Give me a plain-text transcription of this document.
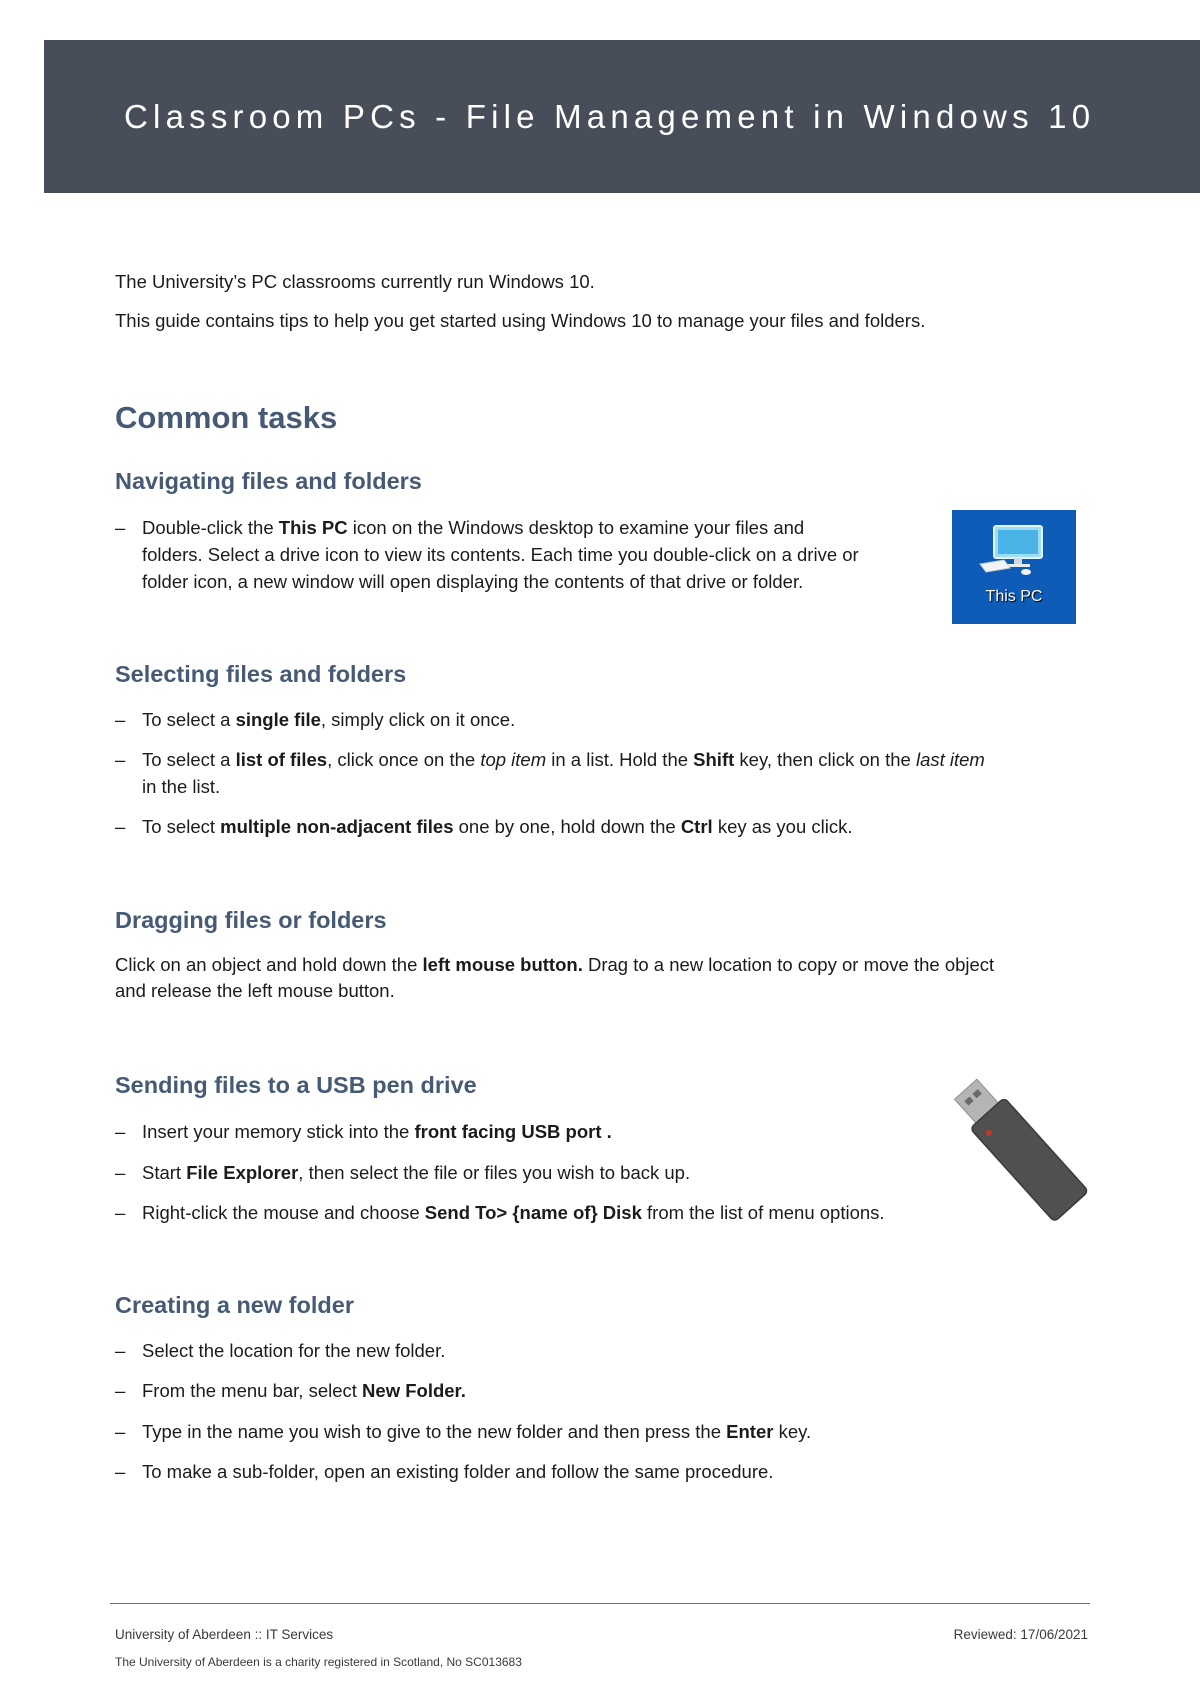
Classroom PCs - File Management in Windows 10

The University’s PC classrooms currently run Windows 10.

This guide contains tips to help you get started using Windows 10 to manage your files and folders.

Common tasks
Navigating files and folders
– Double-click the This PC icon on the Windows desktop to examine your files and
folders. Select a drive icon to view its contents. Each time you double-click on a drive or
folder icon, a new window will open displaying the contents of that drive or folder.
This PC
Selecting files and folders
– To select a single file, simply click on it once.
– To select a list of files, click once on the top item in a list. Hold the Shift key, then click on the last item
in the list.
– To select multiple non-adjacent files one by one, hold down the Ctrl key as you click.
Dragging files or folders
Click on an object and hold down the left mouse button. Drag to a new location to copy or move the object
and release the left mouse button.
Sending files to a USB pen drive
– Insert your memory stick into the front facing USB port .
– Start File Explorer, then select the file or files you wish to back up.
– Right-click the mouse and choose Send To> {name of} Disk from the list of menu options.
Creating a new folder
– Select the location for the new folder.
– From the menu bar, select New Folder.
– Type in the name you wish to give to the new folder and then press the Enter key.
– To make a sub-folder, open an existing folder and follow the same procedure.
University of Aberdeen :: IT Services	Reviewed: 17/06/2021
The University of Aberdeen is a charity registered in Scotland, No SC013683
